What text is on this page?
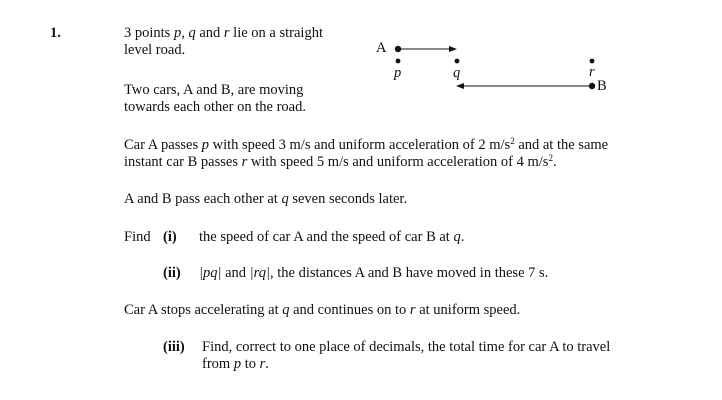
1.	3 points p, q and r lie on a straight
level road.
Two cars, A and B, are moving
towards each other on the road.
A
p	q	r
B
Car A passes p with speed 3 m/s and uniform acceleration of 2 $m/s^2$ and at the same
instant car B passes r with speed 5 m/s and uniform acceleration of 4 $m/s^2$.
A and B pass each other at q seven seconds later.
Find (i) the speed of car A and the speed of car B at q.
(ii) |pq| and |rq|, the distances A and B have moved in these 7 s.
Car A stops accelerating at q and continues on to r at uniform speed.
(iii) Find, correct to one place of decimals, the total time for car A to travel
from p to r.
